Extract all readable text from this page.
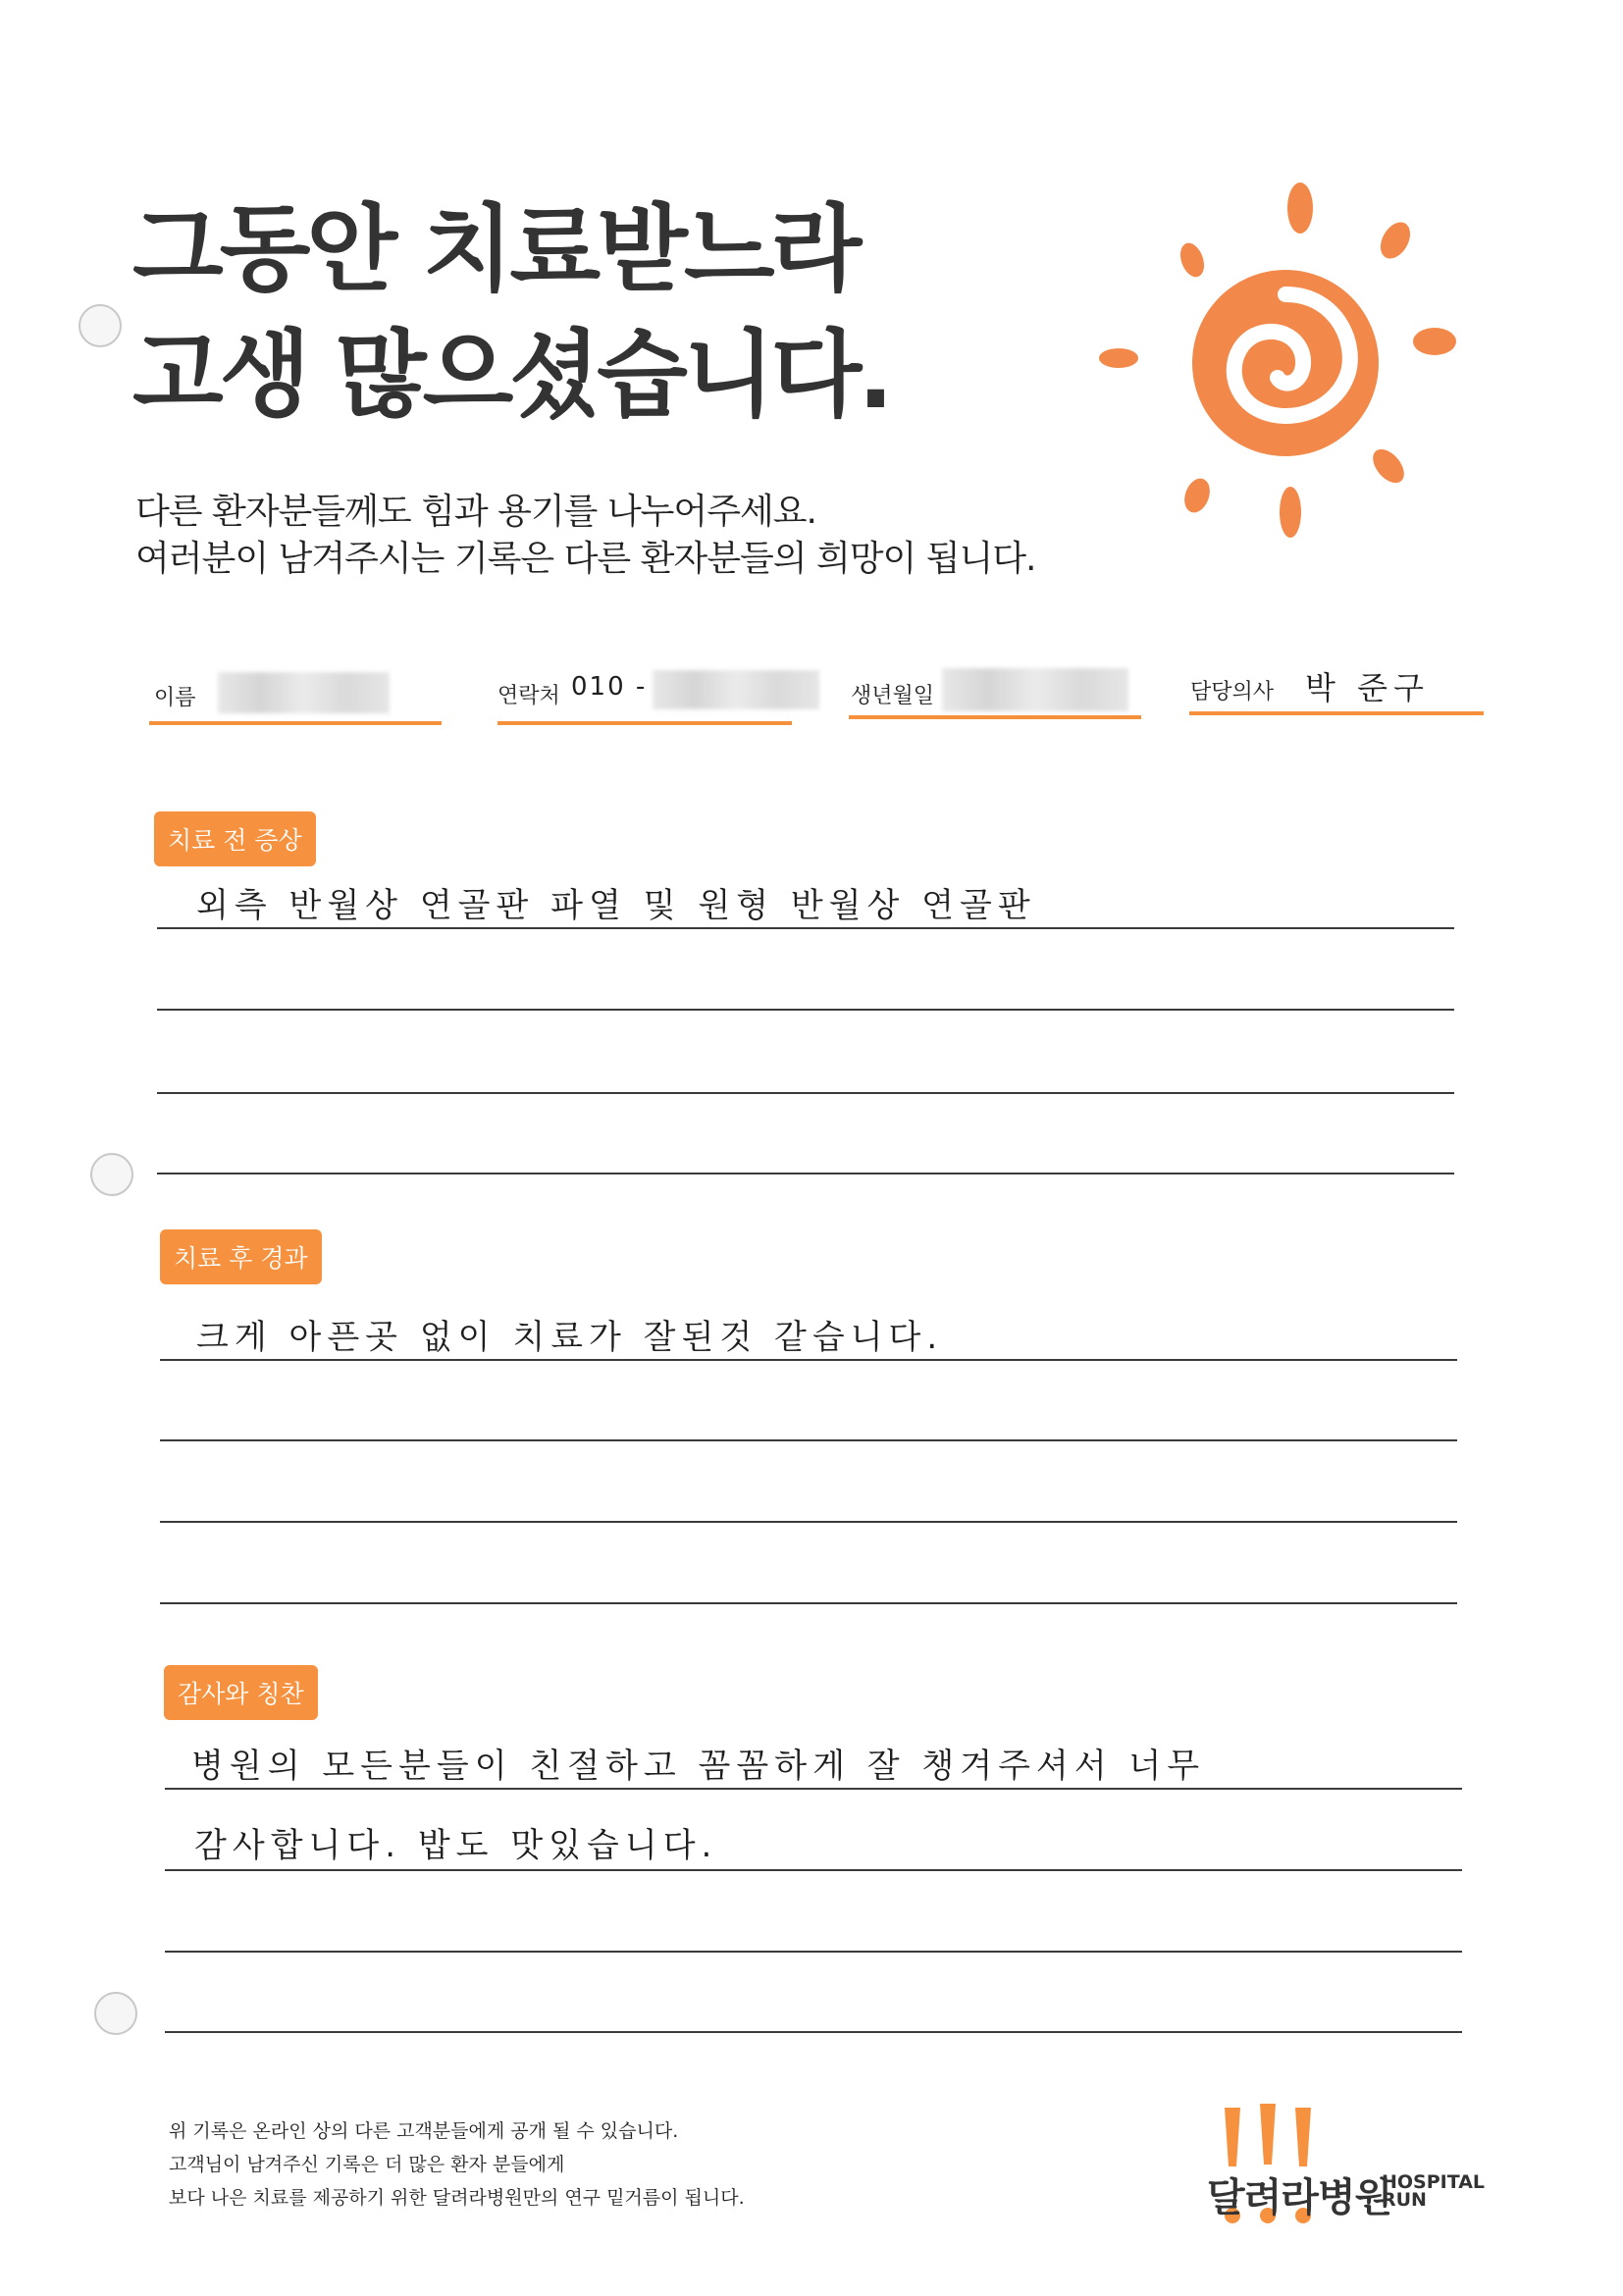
그동안 치료받느라
고생 많으셨습니다.
다른 환자분들께도 힘과 용기를 나누어주세요.
여러분이 남겨주시는 기록은 다른 환자분들의 희망이 됩니다.
이름	연락처 010 -	생년월일	담당의사 박 준구
치료 전 증상
외측 반월상 연골판 파열 및 원형 반월상 연골판
치료 후 경과
크게 아픈곳 없이 치료가 잘된것 같습니다.
감사와 칭찬
병원의 모든분들이 친절하고 꼼꼼하게 잘 챙겨주셔서 너무
감사합니다. 밥도 맛있습니다.
위 기록은 온라인 상의 다른 고객분들에게 공개 될 수 있습니다.
고객님이 남겨주신 기록은 더 많은 환자 분들에게
보다 나은 치료를 제공하기 위한 달려라병원만의 연구 밑거름이 됩니다.	달려라병원
HOSPITAL
RUN
